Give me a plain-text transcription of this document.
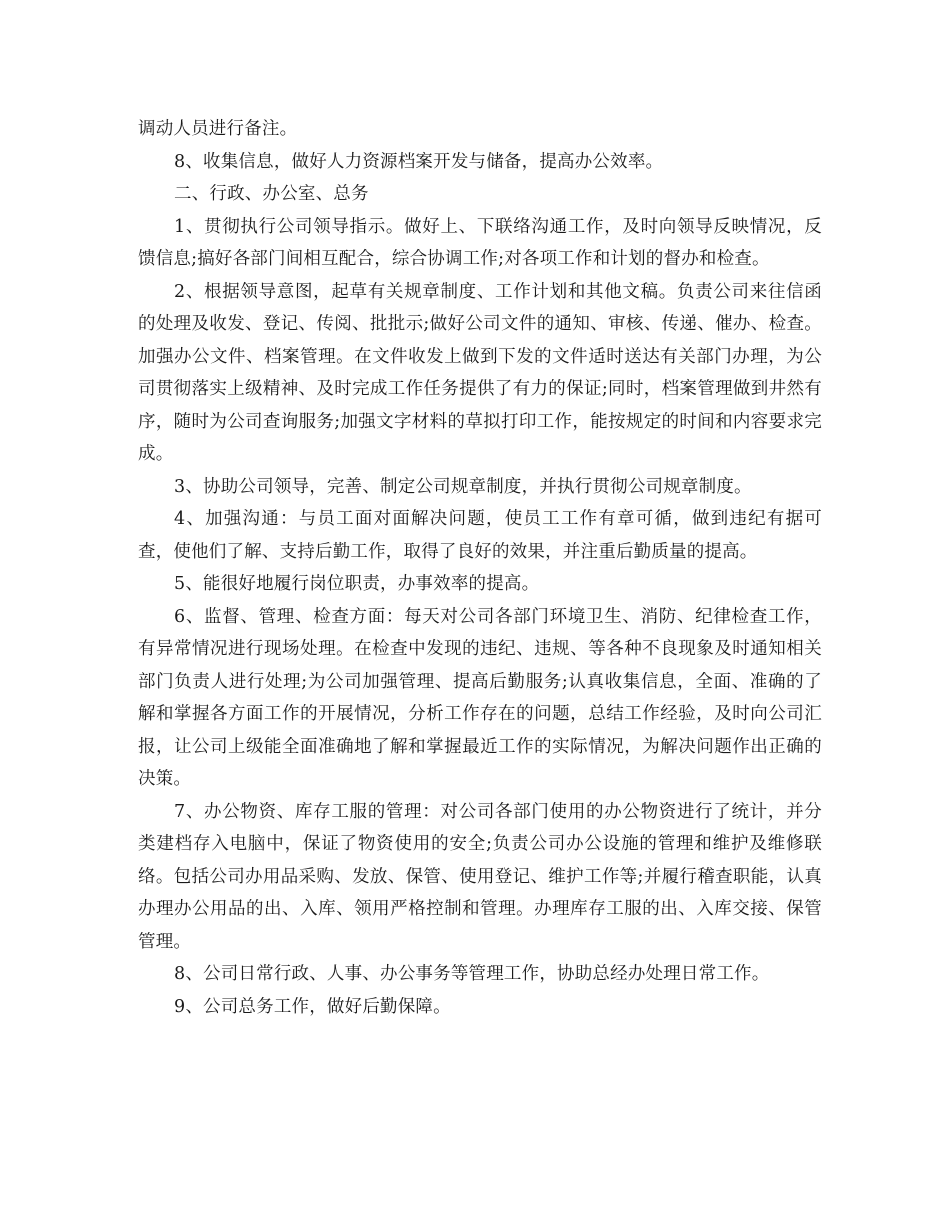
调动人员进行备注。

8、收集信息，做好人力资源档案开发与储备，提高办公效率。

二、行政、办公室、总务

1、贯彻执行公司领导指示。做好上、下联络沟通工作，及时向领导反映情况，反馈信息;搞好各部门间相互配合，综合协调工作;对各项工作和计划的督办和检查。

2、根据领导意图，起草有关规章制度、工作计划和其他文稿。负责公司来往信函的处理及收发、登记、传阅、批批示;做好公司文件的通知、审核、传递、催办、检查。加强办公文件、档案管理。在文件收发上做到下发的文件适时送达有关部门办理，为公司贯彻落实上级精神、及时完成工作任务提供了有力的保证;同时，档案管理做到井然有序，随时为公司查询服务;加强文字材料的草拟打印工作，能按规定的时间和内容要求完成。

3、协助公司领导，完善、制定公司规章制度，并执行贯彻公司规章制度。

4、加强沟通：与员工面对面解决问题，使员工工作有章可循，做到违纪有据可查，使他们了解、支持后勤工作，取得了良好的效果，并注重后勤质量的提高。

5、能很好地履行岗位职责，办事效率的提高。

6、监督、管理、检查方面：每天对公司各部门环境卫生、消防、纪律检查工作，有异常情况进行现场处理。在检查中发现的违纪、违规、等各种不良现象及时通知相关部门负责人进行处理;为公司加强管理、提高后勤服务;认真收集信息，全面、准确的了解和掌握各方面工作的开展情况，分析工作存在的问题，总结工作经验，及时向公司汇报，让公司上级能全面准确地了解和掌握最近工作的实际情况，为解决问题作出正确的决策。

7、办公物资、库存工服的管理：对公司各部门使用的办公物资进行了统计，并分类建档存入电脑中，保证了物资使用的安全;负责公司办公设施的管理和维护及维修联络。包括公司办用品采购、发放、保管、使用登记、维护工作等;并履行稽查职能，认真办理办公用品的出、入库、领用严格控制和管理。办理库存工服的出、入库交接、保管管理。

8、公司日常行政、人事、办公事务等管理工作，协助总经办处理日常工作。

9、公司总务工作，做好后勤保障。
